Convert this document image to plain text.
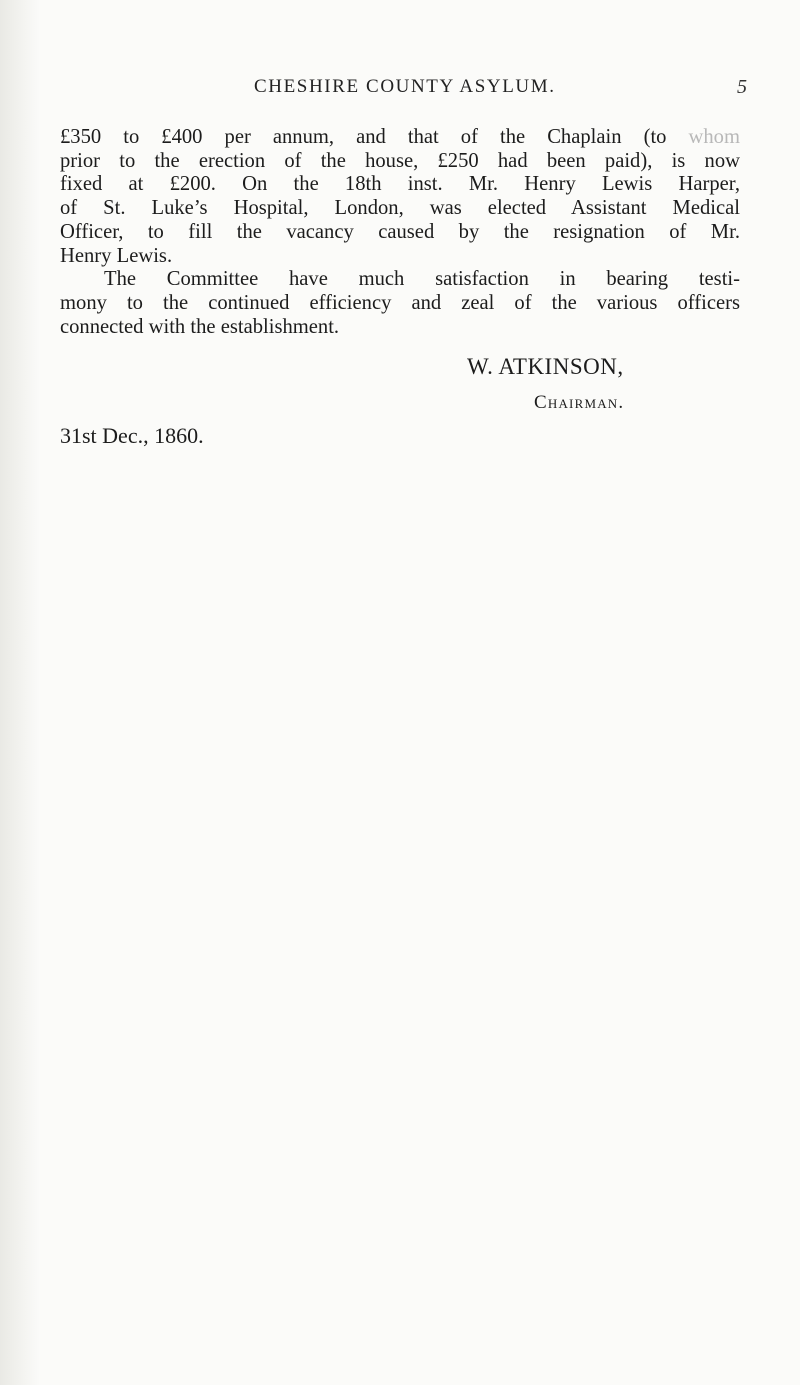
CHESHIRE COUNTY ASYLUM.	5
£350 to £400 per annum, and that of the Chaplain (to whom
prior to the erection of the house, £250 had been paid), is now
fixed at £200. On the 18th inst. Mr. Henry Lewis Harper,
of St. Luke’s Hospital, London, was elected Assistant Medical
Officer, to fill the vacancy caused by the resignation of Mr.
Henry Lewis.
The Committee have much satisfaction in bearing testi-
mony to the continued efficiency and zeal of the various officers
connected with the establishment.
W. ATKINSON,
Chairman.
31st Dec., 1860.
